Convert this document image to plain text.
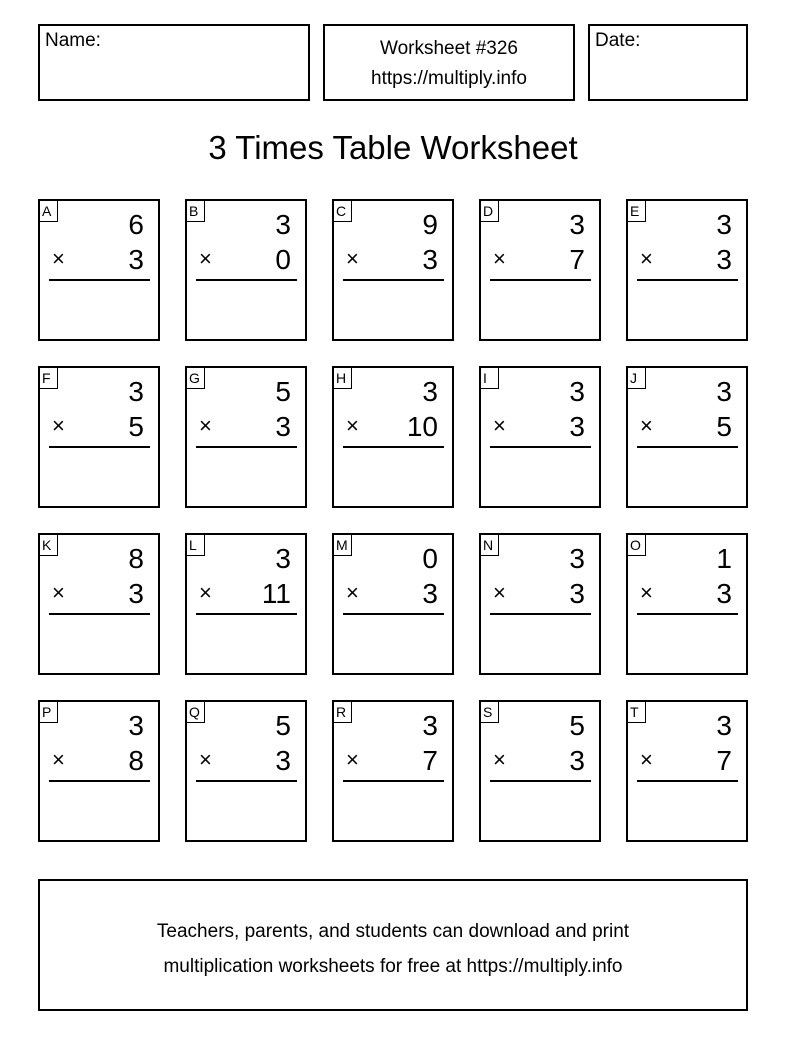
Name:	Worksheet #326
https://multiply.info
Date:
3 Times Table Worksheet
A	6
× 3
B	3
× 0
C	9
× 3
D	3
× 7
E	3
× 3
F	3
× 5
G	5
× 3
H	3
× 10
I	3
× 3
J	3
× 5
K	8
× 3
L	3
× 11
M	0
× 3
N	3
× 3
O	1
× 3
P	3
× 8
Q	5
× 3
R	3
× 7
S	5
× 3
T	3
× 7
Teachers, parents, and students can download and print
multiplication worksheets for free at https://multiply.info
